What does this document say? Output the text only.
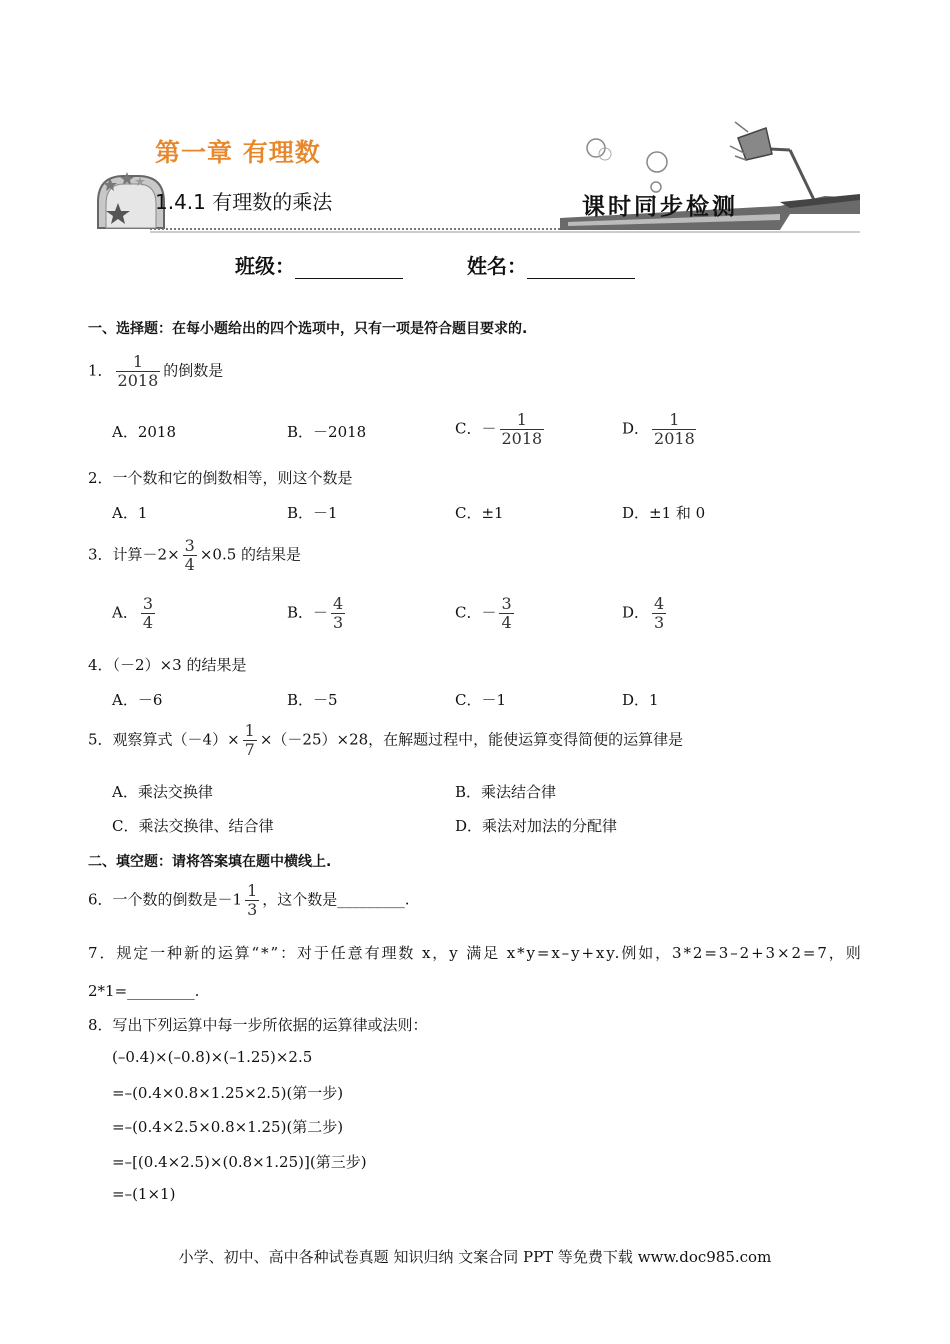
第一章 有理数
1.4.1 有理数的乘法	课时同步检测
班级：	姓名：
一、选择题：在每小题给出的四个选项中，只有一项是符合题目要求的.
1． $\frac{1}{2018}$ 的倒数是
A．2018	B．－2018	C．－ $\frac{1}{2018}$	D． $\frac{1}{2018}$
2．一个数和它的倒数相等，则这个数是
A．1	B．－1	C．±1	D．±1 和 0
3．计算$-2\times \frac{3}{4} \times 0.5$ 的结果是
A． $\frac{3}{4}$	B．－ $\frac{4}{3}$	C．－ $\frac{3}{4}$	D． $\frac{4}{3}$
4．（－2）×3 的结果是
A．－6	B．－5	C．－1	D．1
5．观察算式$(-4)\times \frac{1}{7} \times(-25)\times 28$，在解题过程中，能使运算变得简便的运算律是
A．乘法交换律	B．乘法结合律
C．乘法交换律、结合律	D．乘法对加法的分配律
二、填空题：请将答案填在题中横线上.
6．一个数的倒数是$-1 \frac{1}{3}$ ，这个数是_________.
7．规定一种新的运算“*”：对于任意有理数 x，y 满足 x*y=x–y+xy.例如，3*2=3–2+3×2=7，则
2*1=_________.
8．写出下列运算中每一步所依据的运算律或法则：
(–0.4)×(–0.8)×(–1.25)×2.5
=–(0.4×0.8×1.25×2.5)(第一步)
=–(0.4×2.5×0.8×1.25)(第二步)
=–[(0.4×2.5)×(0.8×1.25)](第三步)
=–(1×1)
小学、初中、高中各种试卷真题 知识归纳 文案合同 PPT 等免费下载 www.doc985.com
